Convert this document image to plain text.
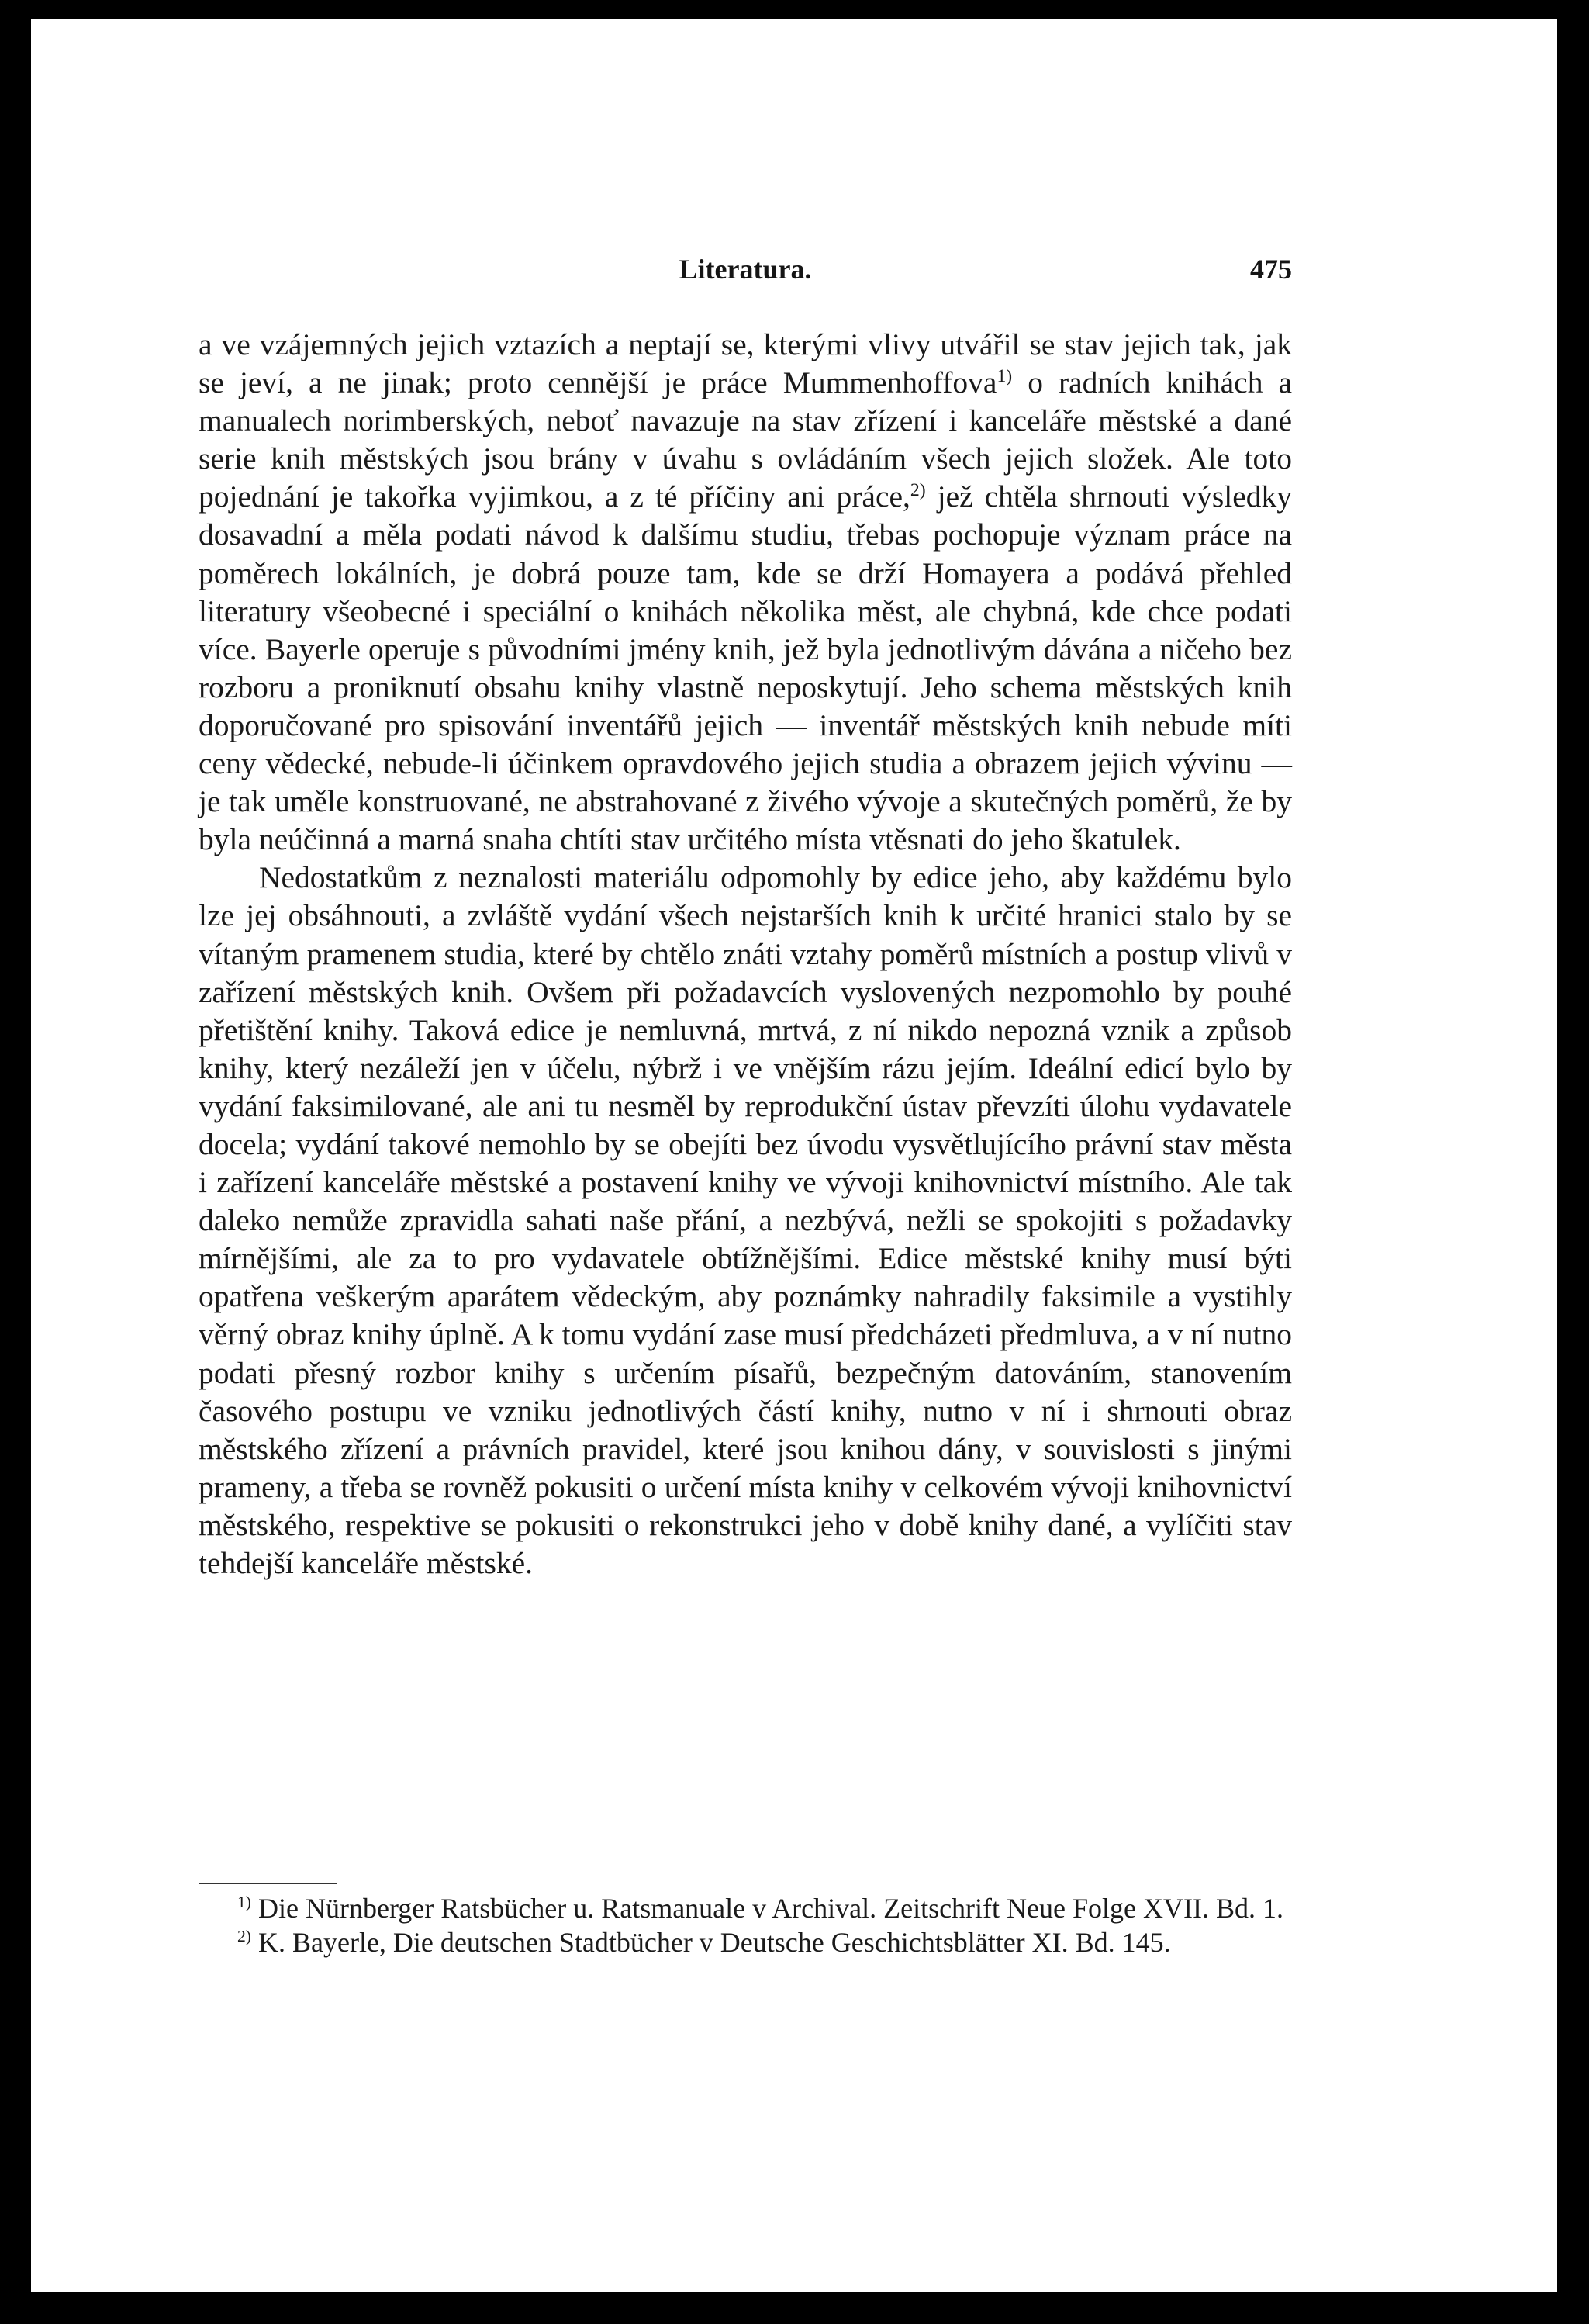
Literatura.	475

a ve vzájemných jejich vztazích a neptají se, kterými vlivy utvářil se stav jejich tak, jak se jeví, a ne jinak; proto cennější je práce Mummenhoffova$^{1)}$ o radních knihách a manualech norimberských, neboť navazuje na stav zřízení i kanceláře městské a dané serie knih městských jsou brány v úvahu s ovládáním všech jejich složek. Ale toto pojednání je takořka vyjimkou, a z té příčiny ani práce,$^{2)}$ jež chtěla shrnouti výsledky dosavadní a měla podati návod k dalšímu studiu, třebas pochopuje význam práce na poměrech lokálních, je dobrá pouze tam, kde se drží Homayera a podává přehled literatury všeobecné i speciální o knihách několika měst, ale chybná, kde chce podati více. Bayerle operuje s původními jmény knih, jež byla jednotlivým dávána a ničeho bez rozboru a proniknutí obsahu knihy vlastně neposkytují. Jeho schema městských knih doporučované pro spisování inventářů jejich — inventář městských knih nebude míti ceny vědecké, nebude-li účinkem opravdového jejich studia a obrazem jejich vývinu — je tak uměle konstruované, ne abstrahované z živého vývoje a skutečných poměrů, že by byla neúčinná a marná snaha chtíti stav určitého místa vtěsnati do jeho škatulek.

Nedostatkům z neznalosti materiálu odpomohly by edice jeho, aby každému bylo lze jej obsáhnouti, a zvláště vydání všech nejstarších knih k určité hranici stalo by se vítaným pramenem studia, které by chtělo znáti vztahy poměrů místních a postup vlivů v zařízení městských knih. Ovšem při požadavcích vyslovených nezpomohlo by pouhé přetištění knihy. Taková edice je nemluvná, mrtvá, z ní nikdo nepozná vznik a způsob knihy, který nezáleží jen v účelu, nýbrž i ve vnějším rázu jejím. Ideální edicí bylo by vydání faksimilované, ale ani tu nesměl by reprodukční ústav převzíti úlohu vydavatele docela; vydání takové nemohlo by se obejíti bez úvodu vysvětlujícího právní stav města i zařízení kanceláře městské a postavení knihy ve vývoji knihovnictví místního. Ale tak daleko nemůže zpravidla sahati naše přání, a nezbývá, nežli se spokojiti s požadavky mírnějšími, ale za to pro vydavatele obtížnějšími. Edice městské knihy musí býti opatřena veškerým aparátem vědeckým, aby poznámky nahradily faksimile a vystihly věrný obraz knihy úplně. A k tomu vydání zase musí předcházeti předmluva, a v ní nutno podati přesný rozbor knihy s určením písařů, bezpečným datováním, stanovením časového postupu ve vzniku jednotlivých částí knihy, nutno v ní i shrnouti obraz městského zřízení a právních pravidel, které jsou knihou dány, v souvislosti s jinými prameny, a třeba se rovněž pokusiti o určení místa knihy v celkovém vývoji knihovnictví městského, respektive se pokusiti o rekonstrukci jeho v době knihy dané, a vylíčiti stav tehdejší kanceláře městské.

$^{1)}$ Die Nürnberger Ratsbücher u. Ratsmanuale v Archival. Zeitschrift Neue Folge XVII. Bd. 1.

$^{2)}$ K. Bayerle, Die deutschen Stadtbücher v Deutsche Geschichtsblätter XI. Bd. 145.
